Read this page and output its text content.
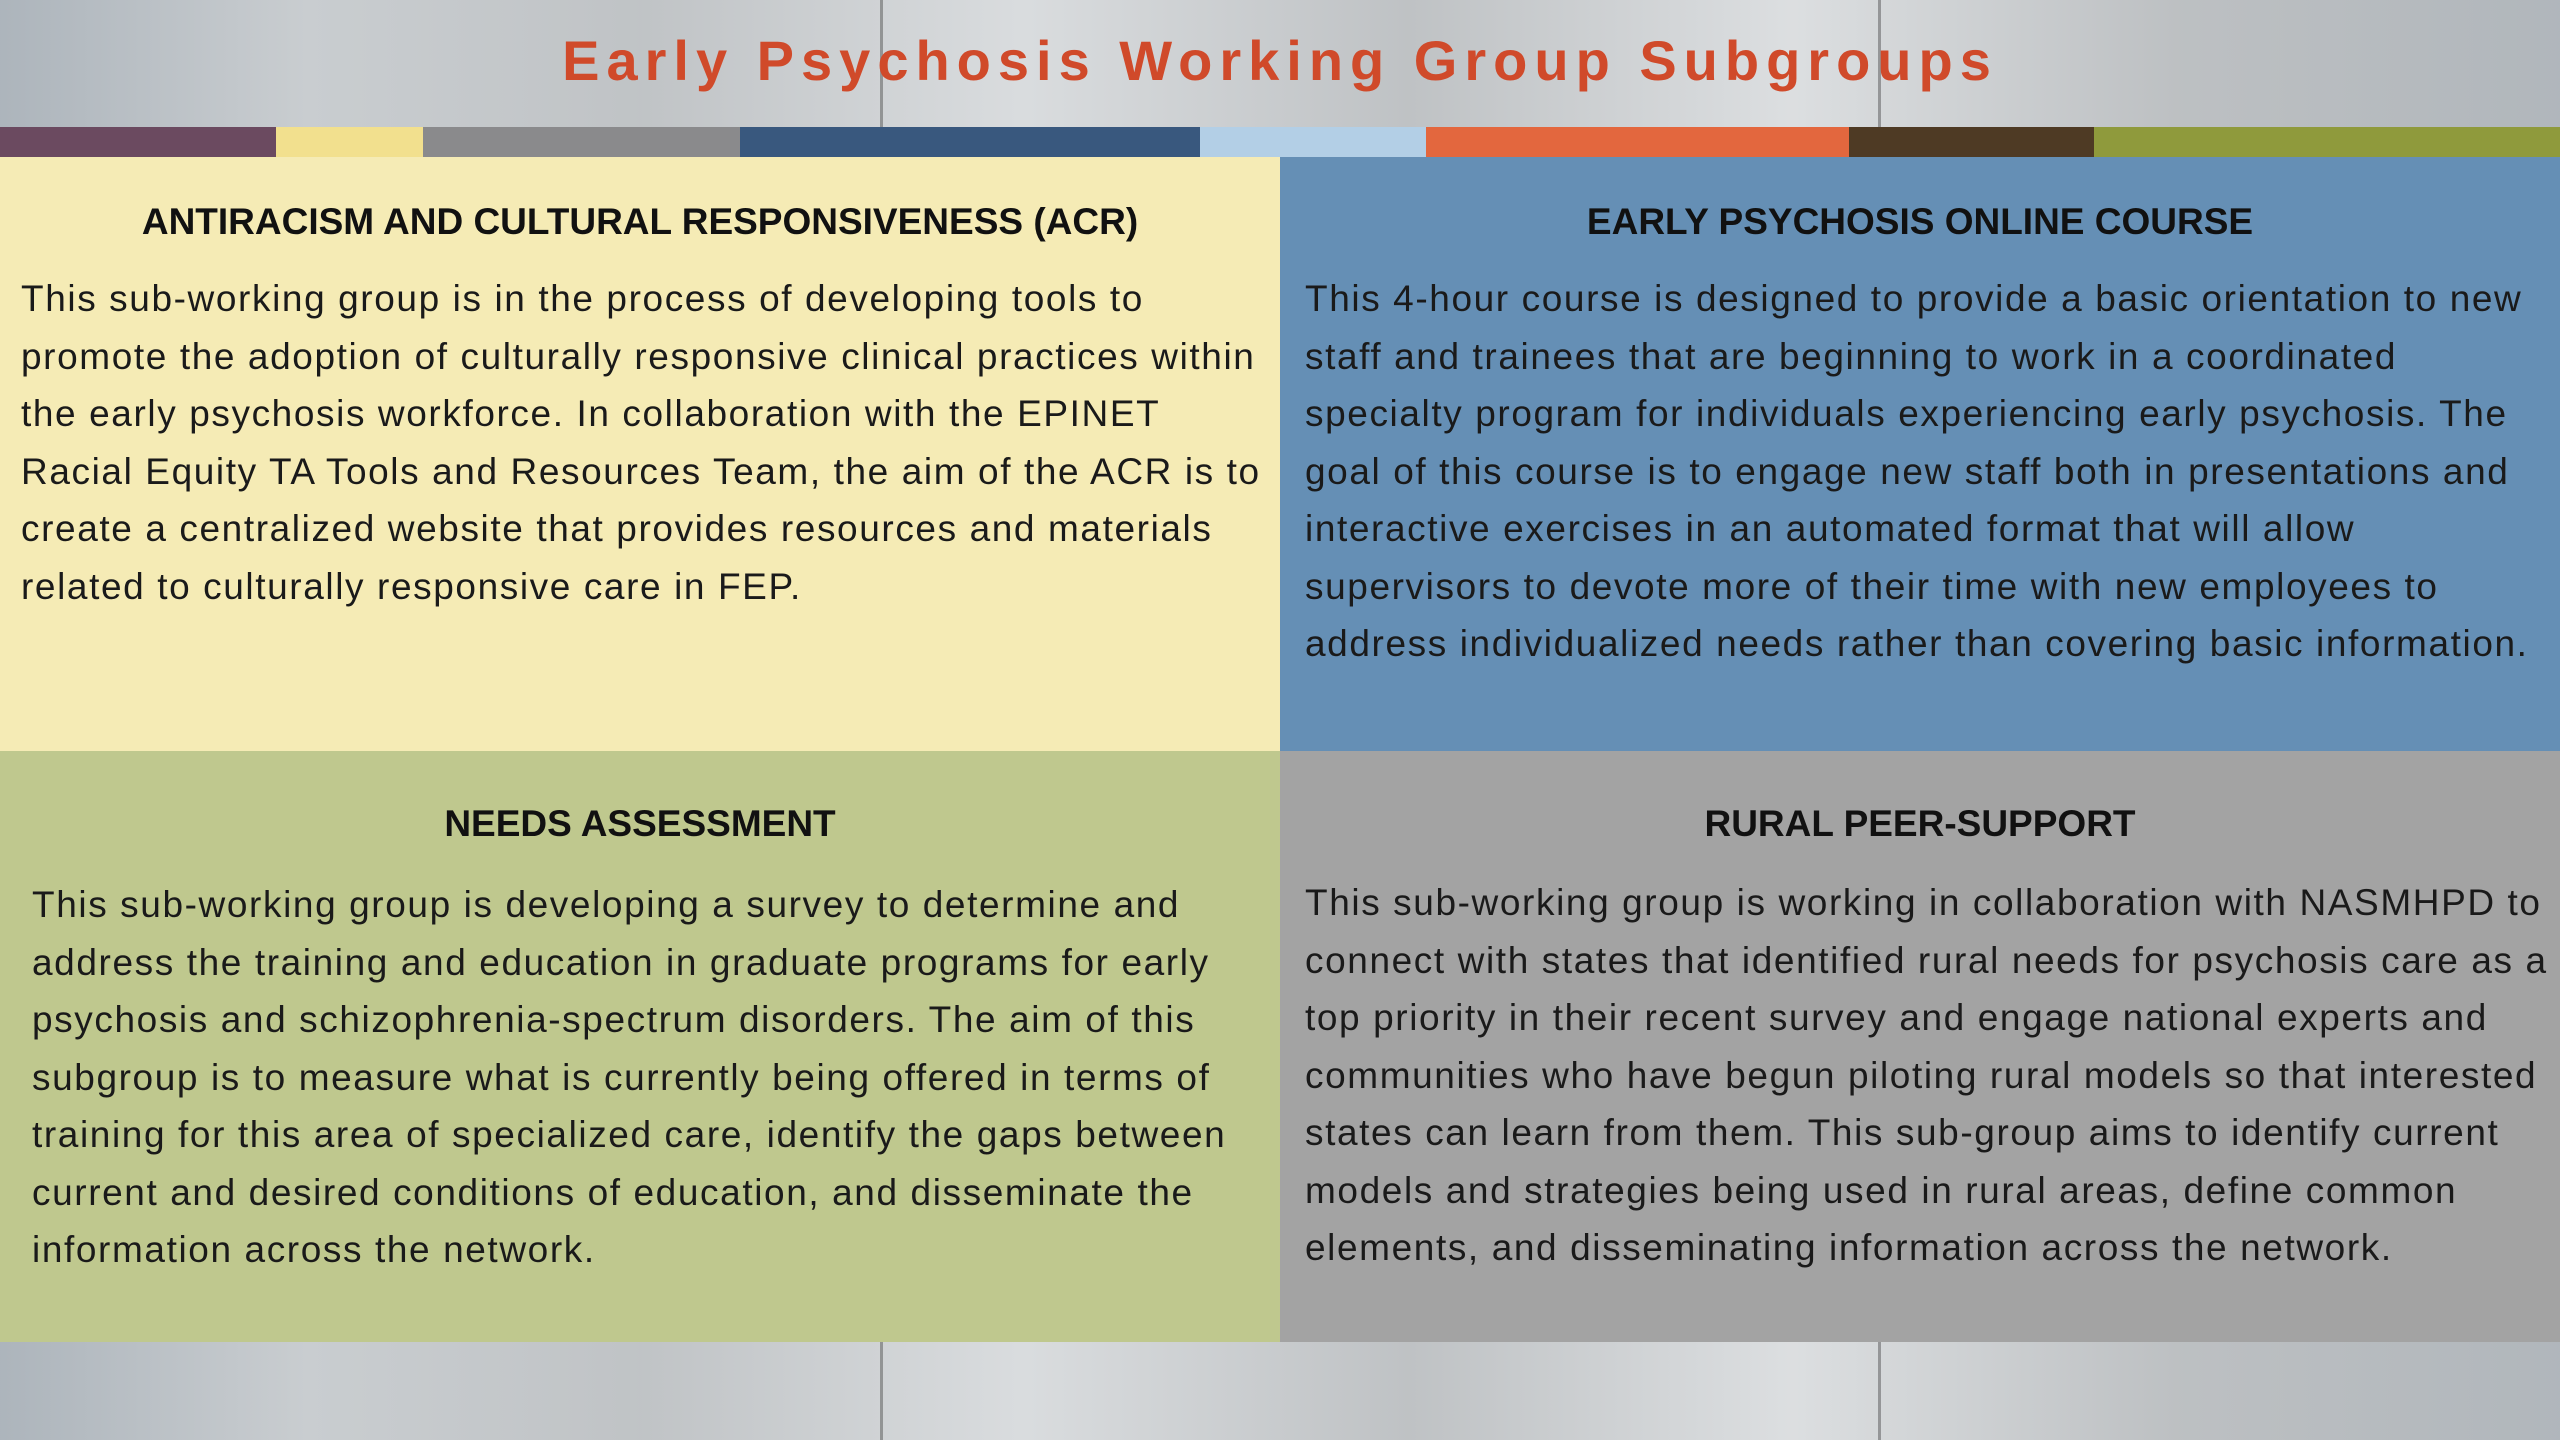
Early Psychosis Working Group Subgroups
ANTIRACISM AND CULTURAL RESPONSIVENESS (ACR)

This sub-working group is in the process of developing tools to promote the adoption of culturally responsive clinical practices within the early psychosis workforce. In collaboration with the EPINET Racial Equity TA Tools and Resources Team, the aim of the ACR is to create a centralized website that provides resources and materials related to culturally responsive care in FEP.

EARLY PSYCHOSIS ONLINE COURSE

This 4-hour course is designed to provide a basic orientation to new staff and trainees that are beginning to work in a coordinated specialty program for individuals experiencing early psychosis. The goal of this course is to engage new staff both in presentations and interactive exercises in an automated format that will allow supervisors to devote more of their time with new employees to address individualized needs rather than covering basic information.

NEEDS ASSESSMENT

This sub-working group is developing a survey to determine and address the training and education in graduate programs for early psychosis and schizophrenia-spectrum disorders. The aim of this subgroup is to measure what is currently being offered in terms of training for this area of specialized care, identify the gaps between current and desired conditions of education, and disseminate the information across the network.

RURAL PEER-SUPPORT

This sub-working group is working in collaboration with NASMHPD to connect with states that identified rural needs for psychosis care as a top priority in their recent survey and engage national experts and communities who have begun piloting rural models so that interested states can learn from them. This sub-group aims to identify current models and strategies being used in rural areas, define common elements, and disseminating information across the network.
